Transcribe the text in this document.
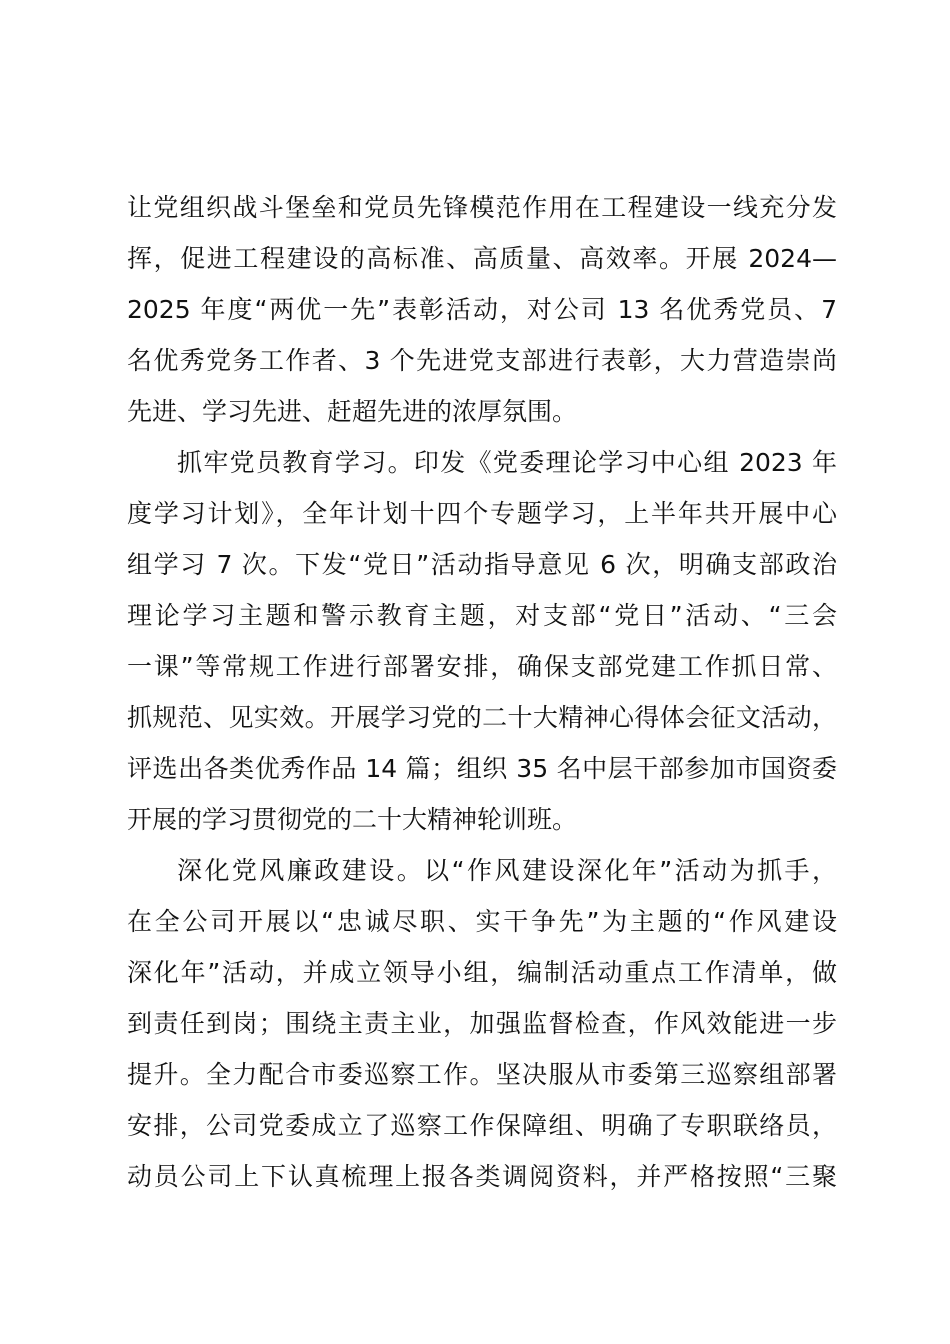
让党组织战斗堡垒和党员先锋模范作用在工程建设一线充分发
挥，促进工程建设的高标准、高质量、高效率。开展 2024—
2025 年度“两优一先”表彰活动，对公司 13 名优秀党员、7
名优秀党务工作者、3 个先进党支部进行表彰，大力营造崇尚
先进、学习先进、赶超先进的浓厚氛围。
抓牢党员教育学习。印发《党委理论学习中心组 2023 年
度学习计划》，全年计划十四个专题学习，上半年共开展中心
组学习 7 次。下发“党日”活动指导意见 6 次，明确支部政治
理论学习主题和警示教育主题，对支部“党日”活动、“三会
一课”等常规工作进行部署安排，确保支部党建工作抓日常、
抓规范、见实效。开展学习党的二十大精神心得体会征文活动，
评选出各类优秀作品 14 篇；组织 35 名中层干部参加市国资委
开展的学习贯彻党的二十大精神轮训班。
深化党风廉政建设。以“作风建设深化年”活动为抓手，
在全公司开展以“忠诚尽职、实干争先”为主题的“作风建设
深化年”活动，并成立领导小组，编制活动重点工作清单，做
到责任到岗；围绕主责主业，加强监督检查，作风效能进一步
提升。全力配合市委巡察工作。坚决服从市委第三巡察组部署
安排，公司党委成立了巡察工作保障组、明确了专职联络员，
动员公司上下认真梳理上报各类调阅资料，并严格按照“三聚
